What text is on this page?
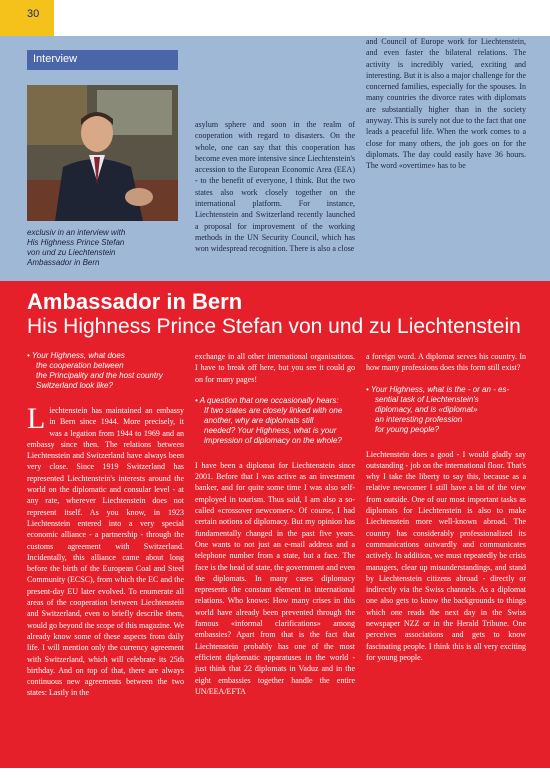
30
Interview
exclusiv in an interview with
His Highness Prince Stefan
von und zu Liechtenstein
Ambassador in Bern

asylum sphere and soon in the realm of cooperation with regard to disasters. On the whole, one can say that this cooperation has become even more intensive since Liechtenstein's accession to the European Economic Area (EEA) - to the benefit of everyone, I think. But the two states also work closely together on the international platform. For instance, Liechtenstein and Switzerland recently launched a proposal for improvement of the working methods in the UN Security Council, which has won widespread recognition. There is also a close

and Council of Europe work for Liechtenstein, and even faster the bilateral relations. The activity is incredibly varied, exciting and interesting. But it is also a major challenge for the concerned families, especially for the spouses. In many countries the divorce rates with diplomats are substantially higher than in the society anyway. This is surely not due to the fact that one leads a peaceful life. When the work comes to a close for many others, the job goes on for the diplomats. The day could easily have 36 hours. The word «overtime» has to be

Ambassador in Bern
His Highness Prince Stefan von und zu Liechtenstein
• Your Highness, what does
the cooperation between
the Principality and the host country
Switzerland look like?
L iechtenstein has maintained an embassy in Bern since 1944. More precisely, it was a legation from 1944 to 1969 and an embassy since then. The relations between Liechtenstein and Switzerland have always been very close. Since 1919 Switzerland has represented Liechtenstein's interests around the world on the diplomatic and consular level - at any rate, wherever Liechtenstein does not represent itself. As you know, in 1923 Liechtenstein entered into a very special economic alliance - a partnership - through the customs agreement with Switzerland. Incidentally, this alliance came about long before the birth of the European Coal and Steel Community (ECSC), from which the EC and the present-day EU later evolved. To enumerate all areas of the cooperation between Liechtenstein and Switzerland, even to briefly describe them, would go beyond the scope of this magazine. We already know some of these aspects from daily life. I will mention only the currency agreement with Switzerland, which will celebrate its 25th birthday. And on top of that, there are always continuous new agreements between the two states: Lastly in the

exchange in all other international organisations. I have to break off here, but you see it could go on for many pages!

• A question that one occasionally hears:
If two states are closely linked with one
another, why are diplomats still
needed? Your Highness, what is your
impression of diplomacy on the whole?

I have been a diplomat for Liechtenstein since 2001. Before that I was active as an investment banker, and for quite some time I was also self-employed in tourism. Thus said, I am also a so-called «crossover newcomer». Of course, I had certain notions of diplomacy. But my opinion has fundamentally changed in the past five years. One wants to not just an e-mail address and a telephone number from a state, but a face. The face is the head of state, the government and even the diplomats. In many cases diplomacy represents the constant element in international relations. Who knows: How many crises in this world have already been prevented through the famous «informal clarifications» among embassies? Apart from that is the fact that Liechtenstein probably has one of the most efficient diplomatic apparatuses in the world - just think that 22 diplomats in Vaduz and in the eight embassies together handle the entire UN/EEA/EFTA

a foreign word. A diplomat serves his country. In how many professions does this form still exist?

• Your Highness, what is the - or an - es-
sential task of Liechtenstein's
diplomacy, and is «diplomat»
an interesting profession
for young people?

Liechtenstein does a good - I would gladly say outstanding - job on the international floor. That's why I take the liberty to say this, because as a relative newcomer I still have a bit of the view from outside. One of our most important tasks as diplomats for Liechtenstein is also to make Liechtenstein more well-known abroad. The country has considerably professionalized its communications outwardly and communicates actively. In addition, we must repeatedly be crisis managers, clear up misunderstandings, and stand by Liechtenstein citizens abroad - directly or indirectly via the Swiss channels. As a diplomat one also gets to know the backgrounds to things which one reads the next day in the Swiss newspaper NZZ or in the Herald Tribune. One perceives associations and gets to know fascinating people. I think this is all very exciting for young people.
